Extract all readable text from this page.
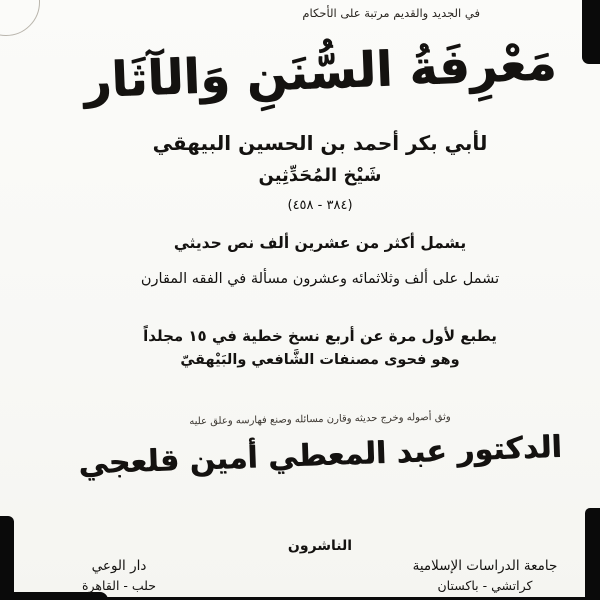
في الجديد والقديم مرتبة على الأحكام
مَعْرِفَةُ السُّنَنِ وَالآثَار
لأبي بكر أحمد بن الحسين البيهقي
شَيْخ المُحَدِّثِين
(٣٨٤ - ٤٥٨)
يشمل أكثر من عشرين ألف نص حديثي
تشمل على ألف وثلاثمائه وعشرون مسألة في الفقه المقارن
يطبع لأول مرة عن أربع نسخ خطية في ١٥ مجلداً
وهو فحوى مصنفات الشَّافعي والبَيْهقيّ
وثق أصوله وخرج حديثه وقارن مسائله وصنع فهارسه وعلق عليه
الدكتور عبد المعطي أمين قلعجي
الناشرون
دار الوعي
حلب - القاهرة
جامعة الدراسات الإسلامية
كراتشي - باكستان
